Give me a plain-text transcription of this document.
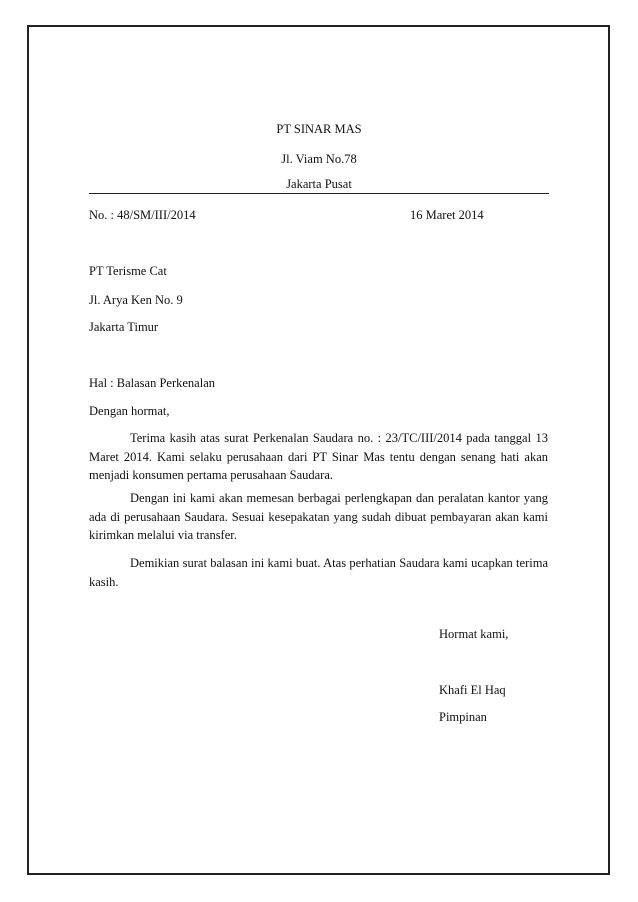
PT SINAR MAS
Jl. Viam No.78
Jakarta Pusat
No. : 48/SM/III/2014	16 Maret 2014
PT Terisme Cat
Jl. Arya Ken No. 9
Jakarta Timur
Hal : Balasan Perkenalan
Dengan hormat,
Terima kasih atas surat Perkenalan Saudara no. : 23/TC/III/2014 pada tanggal 13 Maret 2014. Kami selaku perusahaan dari PT Sinar Mas tentu dengan senang hati akan menjadi konsumen pertama perusahaan Saudara.
Dengan ini kami akan memesan berbagai perlengkapan dan peralatan kantor yang ada di perusahaan Saudara. Sesuai kesepakatan yang sudah dibuat pembayaran akan kami kirimkan melalui via transfer.
Demikian surat balasan ini kami buat. Atas perhatian Saudara kami ucapkan terima kasih.
Hormat kami,
Khafi El Haq
Pimpinan
